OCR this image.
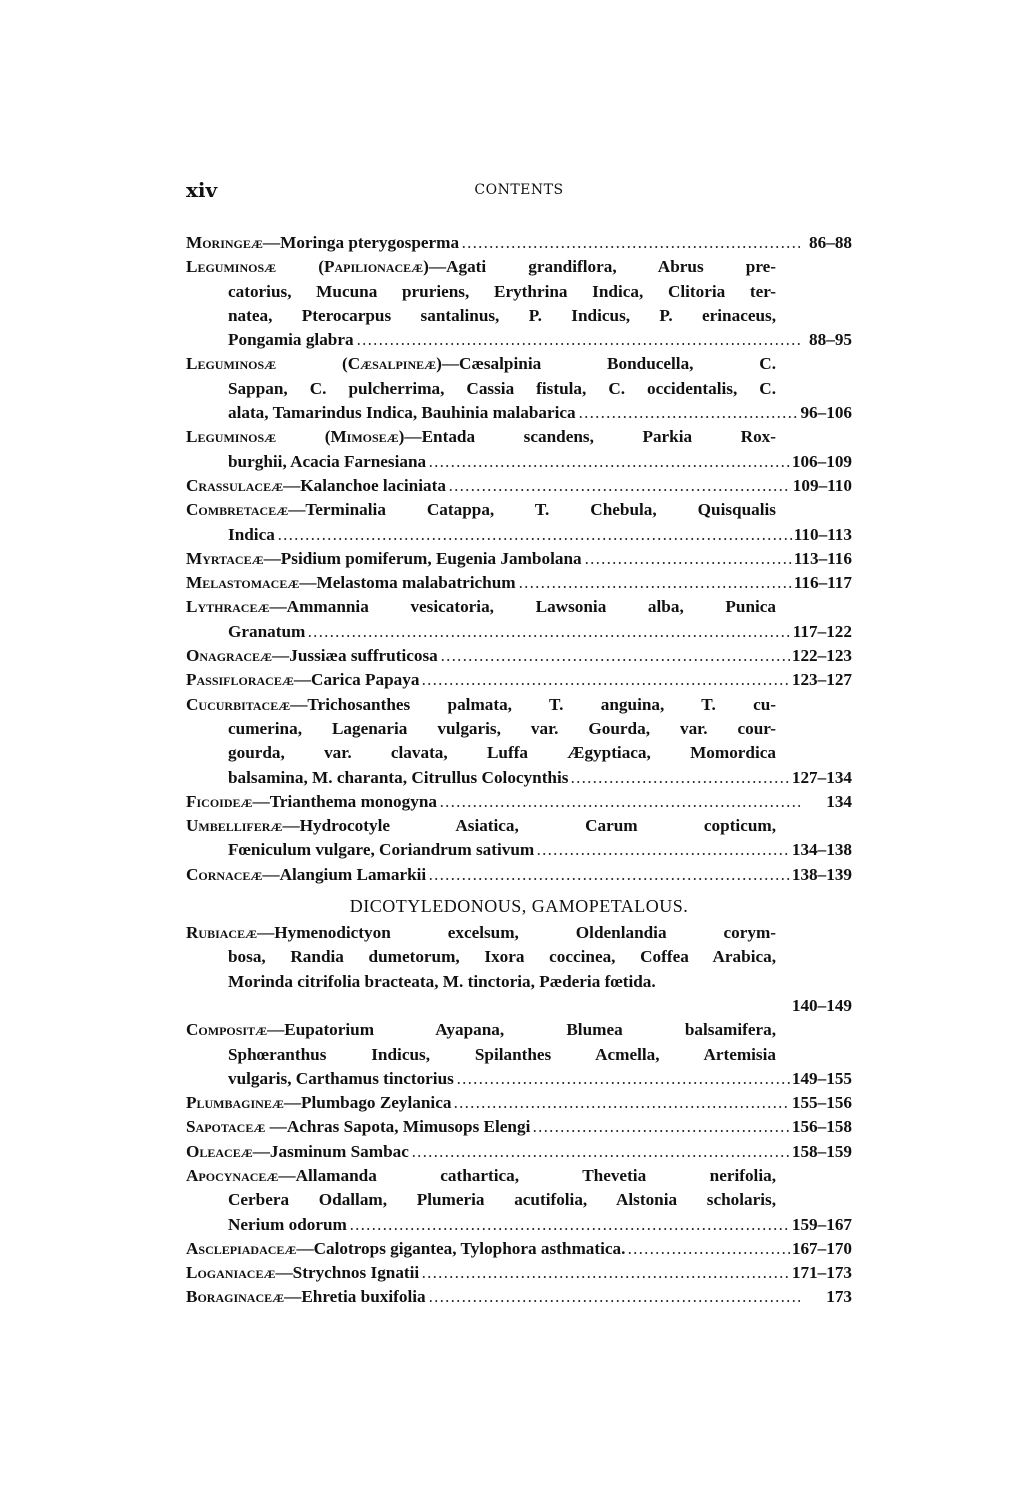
xiv	CONTENTS
Moringeæ—Moringa pterygosperma	86–88
Leguminosæ (Papilionaceæ)—Agati grandiflora, Abrus pre-
catorius, Mucuna pruriens, Erythrina Indica, Clitoria ter-
natea, Pterocarpus santalinus, P. Indicus, P. erinaceus,
Pongamia glabra	88–95
Leguminosæ (Cæsalpineæ)—Cæsalpinia Bonducella, C.
Sappan, C. pulcherrima, Cassia fistula, C. occidentalis, C.
alata, Tamarindus Indica, Bauhinia malabarica	96–106
Leguminosæ (Mimoseæ)—Entada scandens, Parkia Rox-
burghii, Acacia Farnesiana	106–109
Crassulaceæ—Kalanchoe laciniata	109–110
Combretaceæ—Terminalia Catappa, T. Chebula, Quisqualis
Indica	110–113
Myrtaceæ—Psidium pomiferum, Eugenia Jambolana	113–116
Melastomaceæ—Melastoma malabatrichum	116–117
Lythraceæ—Ammannia vesicatoria, Lawsonia alba, Punica
Granatum	117–122
Onagraceæ—Jussiæa suffruticosa	122–123
Passifloraceæ—Carica Papaya	123–127
Cucurbitaceæ—Trichosanthes palmata, T. anguina, T. cu-
cumerina, Lagenaria vulgaris, var. Gourda, var. cour-
gourda, var. clavata, Luffa Ægyptiaca, Momordica
balsamina, M. charanta, Citrullus Colocynthis	127–134
Ficoideæ—Trianthema monogyna	134
Umbelliferæ—Hydrocotyle Asiatica, Carum copticum,
Fœniculum vulgare, Coriandrum sativum	134–138
Cornaceæ—Alangium Lamarkii	138–139
DICOTYLEDONOUS, GAMOPETALOUS.
Rubiaceæ—Hymenodictyon excelsum, Oldenlandia corym-
bosa, Randia dumetorum, Ixora coccinea, Coffea Arabica,
Morinda citrifolia bracteata, M. tinctoria, Pæderia fœtida.
140–149
Compositæ—Eupatorium Ayapana, Blumea balsamifera,
Sphœranthus Indicus, Spilanthes Acmella, Artemisia
vulgaris, Carthamus tinctorius	149–155
Plumbagineæ—Plumbago Zeylanica	155–156
Sapotaceæ —Achras Sapota, Mimusops Elengi	156–158
Oleaceæ—Jasminum Sambac	158–159
Apocynaceæ—Allamanda cathartica, Thevetia nerifolia,
Cerbera Odallam, Plumeria acutifolia, Alstonia scholaris,
Nerium odorum	159–167
Asclepiadaceæ—Calotrops gigantea, Tylophora asthmatica.	167–170
Loganiaceæ—Strychnos Ignatii	171–173
Boraginaceæ—Ehretia buxifolia	173
